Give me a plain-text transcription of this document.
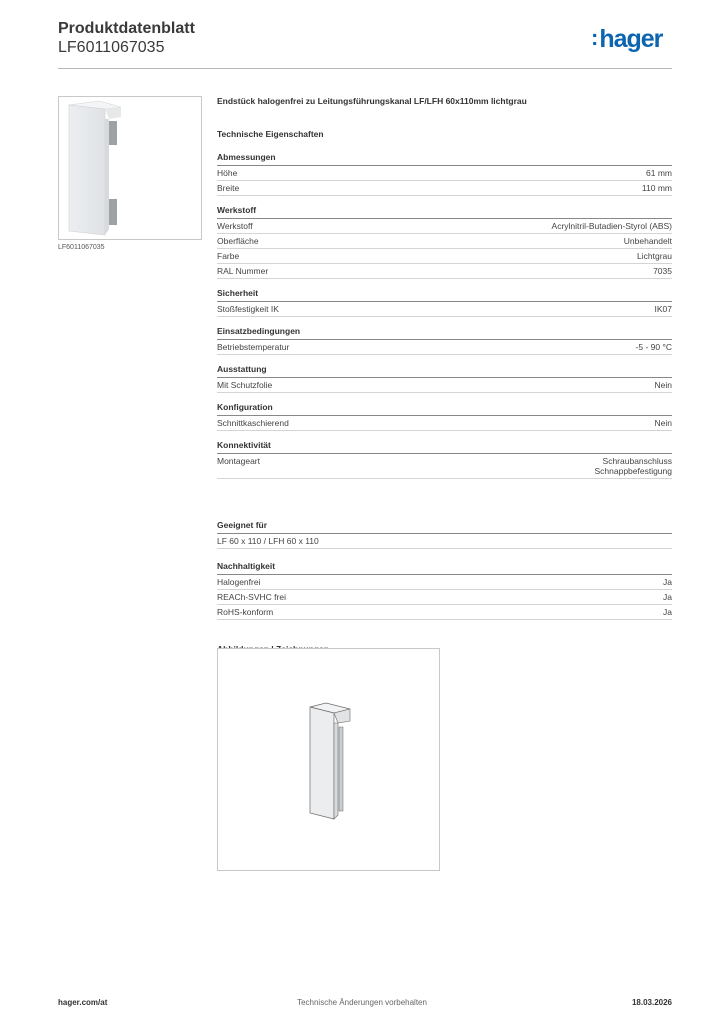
Produktdatenblatt
LF6011067035	:hager
LF6011067035
Endstück halogenfrei zu Leitungsführungskanal LF/LFH 60x110mm lichtgrau
Technische Eigenschaften
Abmessungen
Höhe	61 mm
Breite	110 mm
Werkstoff
Werkstoff	Acrylnitril-Butadien-Styrol (ABS)
Oberfläche	Unbehandelt
Farbe	Lichtgrau
RAL Nummer	7035
Sicherheit
Stoßfestigkeit IK	IK07
Einsatzbedingungen
Betriebstemperatur	-5 - 90 °C
Ausstattung
Mit Schutzfolie	Nein
Konfiguration
Schnittkaschierend	Nein
Konnektivität
Montageart	Schraubanschluss
Schnappbefestigung
Geeignet für
LF 60 x 110 / LFH 60 x 110
Nachhaltigkeit
Halogenfrei	Ja
REACh-SVHC frei	Ja
RoHS-konform	Ja
hager.com/at	Technische Änderungen vorbehalten	18.03.2026
